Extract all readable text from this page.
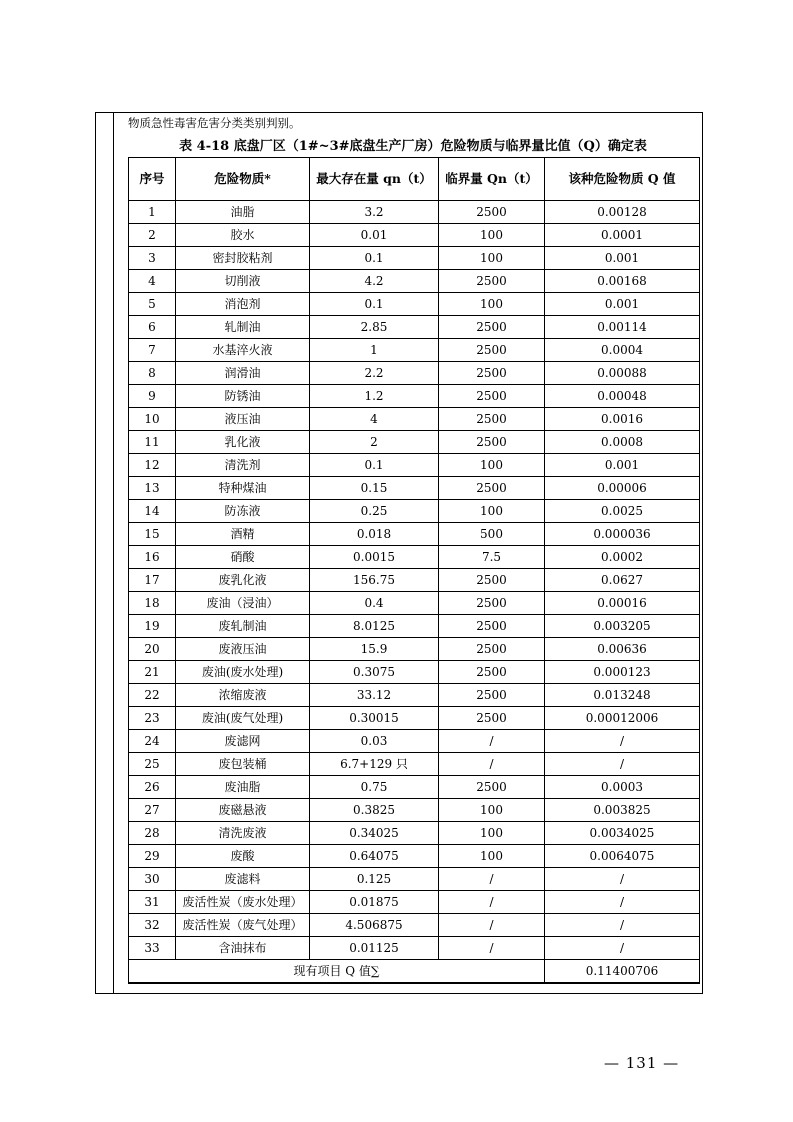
物质急性毒害危害分类类别判别。
表 4-18 底盘厂区（1#~3#底盘生产厂房）危险物质与临界量比值（Q）确定表
序号	危险物质*	最大存在量 qn（t）	临界量 Qn（t）	该种危险物质 Q 值
1	油脂	3.2	2500	0.00128
2	胶水	0.01	100	0.0001
3	密封胶粘剂	0.1	100	0.001
4	切削液	4.2	2500	0.00168
5	消泡剂	0.1	100	0.001
6	轧制油	2.85	2500	0.00114
7	水基淬火液	1	2500	0.0004
8	润滑油	2.2	2500	0.00088
9	防锈油	1.2	2500	0.00048
10	液压油	4	2500	0.0016
11	乳化液	2	2500	0.0008
12	清洗剂	0.1	100	0.001
13	特种煤油	0.15	2500	0.00006
14	防冻液	0.25	100	0.0025
15	酒精	0.018	500	0.000036
16	硝酸	0.0015	7.5	0.0002
17	废乳化液	156.75	2500	0.0627
18	废油（浸油）	0.4	2500	0.00016
19	废轧制油	8.0125	2500	0.003205
20	废液压油	15.9	2500	0.00636
21	废油(废水处理)	0.3075	2500	0.000123
22	浓缩废液	33.12	2500	0.013248
23	废油(废气处理)	0.30015	2500	0.00012006
24	废滤网	0.03	/	/
25	废包装桶	6.7+129 只	/	/
26	废油脂	0.75	2500	0.0003
27	废磁悬液	0.3825	100	0.003825
28	清洗废液	0.34025	100	0.0034025
29	废酸	0.64075	100	0.0064075
30	废滤料	0.125	/	/
31	废活性炭（废水处理）	0.01875	/	/
32	废活性炭（废气处理）	4.506875	/	/
33	含油抹布	0.01125	/	/
现有项目 Q 值∑				0.11400706
— 131 —
